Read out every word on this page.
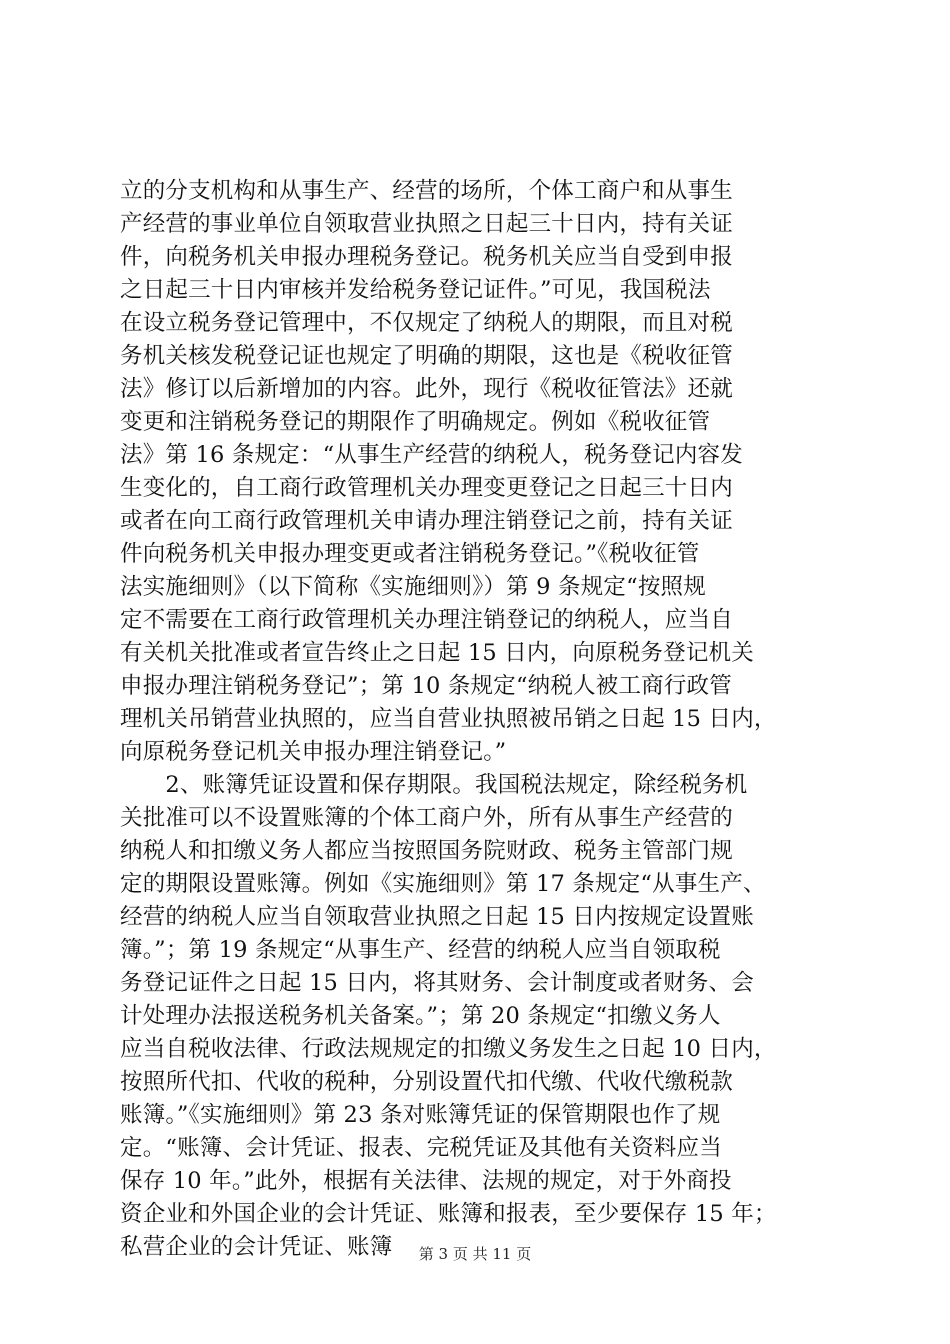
立的分支机构和从事生产、经营的场所，个体工商户和从事生
产经营的事业单位自领取营业执照之日起三十日内，持有关证
件，向税务机关申报办理税务登记。税务机关应当自受到申报
之日起三十日内审核并发给税务登记证件。”可见，我国税法
在设立税务登记管理中，不仅规定了纳税人的期限，而且对税
务机关核发税登记证也规定了明确的期限，这也是《税收征管
法》修订以后新增加的内容。此外，现行《税收征管法》还就
变更和注销税务登记的期限作了明确规定。例如《税收征管
法》第 16 条规定：“从事生产经营的纳税人，税务登记内容发
生变化的，自工商行政管理机关办理变更登记之日起三十日内
或者在向工商行政管理机关申请办理注销登记之前，持有关证
件向税务机关申报办理变更或者注销税务登记。”《税收征管
法实施细则》（以下简称《实施细则》）第 9 条规定“按照规
定不需要在工商行政管理机关办理注销登记的纳税人，应当自
有关机关批准或者宣告终止之日起 15 日内，向原税务登记机关
申报办理注销税务登记”；第 10 条规定“纳税人被工商行政管
理机关吊销营业执照的，应当自营业执照被吊销之日起 15 日内，
向原税务登记机关申报办理注销登记。”
　　2、账簿凭证设置和保存期限。我国税法规定，除经税务机
关批准可以不设置账簿的个体工商户外，所有从事生产经营的
纳税人和扣缴义务人都应当按照国务院财政、税务主管部门规
定的期限设置账簿。例如《实施细则》第 17 条规定“从事生产、
经营的纳税人应当自领取营业执照之日起 15 日内按规定设置账
簿。”；第 19 条规定“从事生产、经营的纳税人应当自领取税
务登记证件之日起 15 日内，将其财务、会计制度或者财务、会
计处理办法报送税务机关备案。”；第 20 条规定“扣缴义务人
应当自税收法律、行政法规规定的扣缴义务发生之日起 10 日内，
按照所代扣、代收的税种，分别设置代扣代缴、代收代缴税款
账簿。”《实施细则》第 23 条对账簿凭证的保管期限也作了规
定。“账簿、会计凭证、报表、完税凭证及其他有关资料应当
保存 10 年。”此外，根据有关法律、法规的规定，对于外商投
资企业和外国企业的会计凭证、账簿和报表，至少要保存 15 年；
私营企业的会计凭证、账簿	第 3 页 共 11 页
